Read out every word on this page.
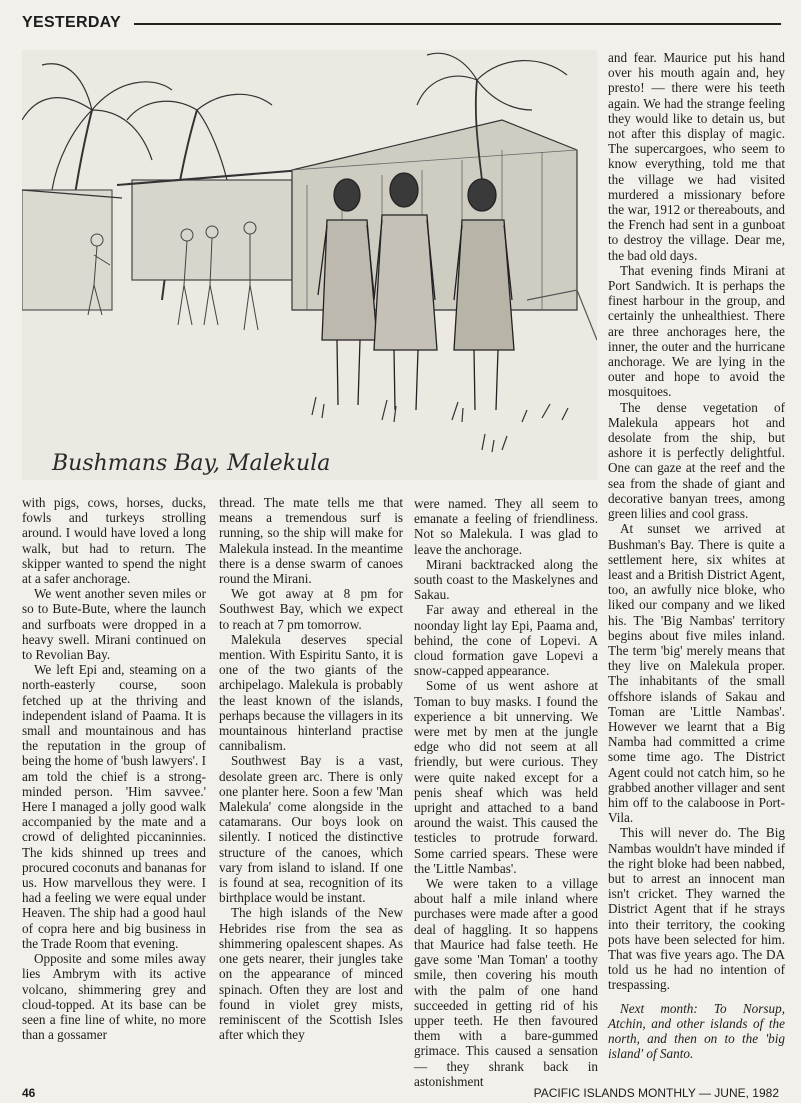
YESTERDAY
Bushmans Bay, Malekula

with pigs, cows, horses, ducks, fowls and turkeys strolling around. I would have loved a long walk, but had to return. The skipper wanted to spend the night at a safer anchorage.

We went another seven miles or so to Bute-Bute, where the launch and surfboats were dropped in a heavy swell. Mirani continued on to Revolian Bay.

We left Epi and, steaming on a north-easterly course, soon fetched up at the thriving and independent island of Paama. It is small and mountainous and has the reputation in the group of being the home of 'bush lawyers'. I am told the chief is a strong-minded person. 'Him savvee.' Here I managed a jolly good walk accompanied by the mate and a crowd of delighted piccaninnies. The kids shinned up trees and procured coconuts and bananas for us. How marvellous they were. I had a feeling we were equal under Heaven. The ship had a good haul of copra here and big business in the Trade Room that evening.

Opposite and some miles away lies Ambrym with its active volcano, shimmering grey and cloud-topped. At its base can be seen a fine line of white, no more than a gossamer

thread. The mate tells me that means a tremendous surf is running, so the ship will make for Malekula instead. In the meantime there is a dense swarm of canoes round the Mirani.

We got away at 8 pm for Southwest Bay, which we expect to reach at 7 pm tomorrow.

Malekula deserves special mention. With Espiritu Santo, it is one of the two giants of the archipelago. Malekula is probably the least known of the islands, perhaps because the villagers in its mountainous hinterland practise cannibalism.

Southwest Bay is a vast, desolate green arc. There is only one planter here. Soon a few 'Man Malekula' come alongside in the catamarans. Our boys look on silently. I noticed the distinctive structure of the canoes, which vary from island to island. If one is found at sea, recognition of its birthplace would be instant.

The high islands of the New Hebrides rise from the sea as shimmering opalescent shapes. As one gets nearer, their jungles take on the appearance of minced spinach. Often they are lost and found in violet grey mists, reminiscent of the Scottish Isles after which they

were named. They all seem to emanate a feeling of friendliness. Not so Malekula. I was glad to leave the anchorage.

Mirani backtracked along the south coast to the Maskelynes and Sakau.

Far away and ethereal in the noonday light lay Epi, Paama and, behind, the cone of Lopevi. A cloud formation gave Lopevi a snow-capped appearance.

Some of us went ashore at Toman to buy masks. I found the experience a bit unnerving. We were met by men at the jungle edge who did not seem at all friendly, but were curious. They were quite naked except for a penis sheaf which was held upright and attached to a band around the waist. This caused the testicles to protrude forward. Some carried spears. These were the 'Little Nambas'.

We were taken to a village about half a mile inland where purchases were made after a good deal of haggling. It so happens that Maurice had false teeth. He gave some 'Man Toman' a toothy smile, then covering his mouth with the palm of one hand succeeded in getting rid of his upper teeth. He then favoured them with a bare-gummed grimace. This caused a sensation — they shrank back in astonishment

and fear. Maurice put his hand over his mouth again and, hey presto! — there were his teeth again. We had the strange feeling they would like to detain us, but not after this display of magic. The supercargoes, who seem to know everything, told me that the village we had visited murdered a missionary before the war, 1912 or thereabouts, and the French had sent in a gunboat to destroy the village. Dear me, the bad old days.

That evening finds Mirani at Port Sandwich. It is perhaps the finest harbour in the group, and certainly the unhealthiest. There are three anchorages here, the inner, the outer and the hurricane anchorage. We are lying in the outer and hope to avoid the mosquitoes.

The dense vegetation of Malekula appears hot and desolate from the ship, but ashore it is perfectly delightful. One can gaze at the reef and the sea from the shade of giant and decorative banyan trees, among green lilies and cool grass.

At sunset we arrived at Bushman's Bay. There is quite a settlement here, six whites at least and a British District Agent, too, an awfully nice bloke, who liked our company and we liked his. The 'Big Nambas' territory begins about five miles inland. The term 'big' merely means that they live on Malekula proper. The inhabitants of the small offshore islands of Sakau and Toman are 'Little Nambas'. However we learnt that a Big Namba had committed a crime some time ago. The District Agent could not catch him, so he grabbed another villager and sent him off to the calaboose in Port-Vila.

This will never do. The Big Nambas wouldn't have minded if the right bloke had been nabbed, but to arrest an innocent man isn't cricket. They warned the District Agent that if he strays into their territory, the cooking pots have been selected for him. That was five years ago. The DA told us he had no intention of trespassing.

Next month: To Norsup, Atchin, and other islands of the north, and then on to the 'big island' of Santo.

46	PACIFIC ISLANDS MONTHLY — JUNE, 1982
